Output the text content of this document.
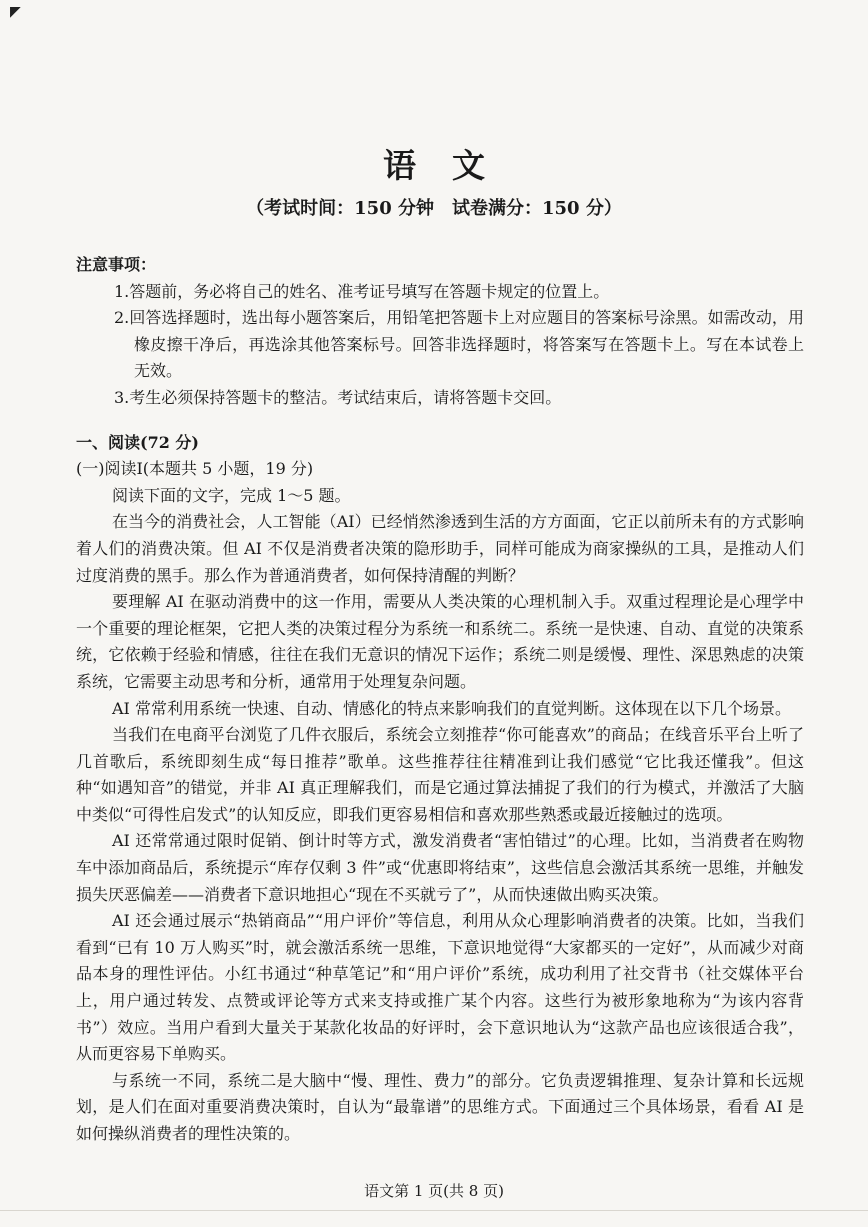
◤
语文
（考试时间：150 分钟　试卷满分：150 分）
注意事项：
1.答题前，务必将自己的姓名、准考证号填写在答题卡规定的位置上。
2.回答选择题时，选出每小题答案后，用铅笔把答题卡上对应题目的答案标号涂黑。如需改动，用橡皮擦干净后，再选涂其他答案标号。回答非选择题时，将答案写在答题卡上。写在本试卷上无效。
3.考生必须保持答题卡的整洁。考试结束后，请将答题卡交回。
一、阅读(72 分)
(一)阅读Ⅰ(本题共 5 小题，19 分)
阅读下面的文字，完成 1～5 题。
在当今的消费社会，人工智能（AI）已经悄然渗透到生活的方方面面，它正以前所未有的方式影响着人们的消费决策。但 AI 不仅是消费者决策的隐形助手，同样可能成为商家操纵的工具，是推动人们过度消费的黑手。那么作为普通消费者，如何保持清醒的判断？
要理解 AI 在驱动消费中的这一作用，需要从人类决策的心理机制入手。双重过程理论是心理学中一个重要的理论框架，它把人类的决策过程分为系统一和系统二。系统一是快速、自动、直觉的决策系统，它依赖于经验和情感，往往在我们无意识的情况下运作；系统二则是缓慢、理性、深思熟虑的决策系统，它需要主动思考和分析，通常用于处理复杂问题。
AI 常常利用系统一快速、自动、情感化的特点来影响我们的直觉判断。这体现在以下几个场景。
当我们在电商平台浏览了几件衣服后，系统会立刻推荐“你可能喜欢”的商品；在线音乐平台上听了几首歌后，系统即刻生成“每日推荐”歌单。这些推荐往往精准到让我们感觉“它比我还懂我”。但这种“如遇知音”的错觉，并非 AI 真正理解我们，而是它通过算法捕捉了我们的行为模式，并激活了大脑中类似“可得性启发式”的认知反应，即我们更容易相信和喜欢那些熟悉或最近接触过的选项。
AI 还常常通过限时促销、倒计时等方式，激发消费者“害怕错过”的心理。比如，当消费者在购物车中添加商品后，系统提示“库存仅剩 3 件”或“优惠即将结束”，这些信息会激活其系统一思维，并触发损失厌恶偏差——消费者下意识地担心“现在不买就亏了”，从而快速做出购买决策。
AI 还会通过展示“热销商品”“用户评价”等信息，利用从众心理影响消费者的决策。比如，当我们看到“已有 10 万人购买”时，就会激活系统一思维，下意识地觉得“大家都买的一定好”，从而减少对商品本身的理性评估。小红书通过“种草笔记”和“用户评价”系统，成功利用了社交背书（社交媒体平台上，用户通过转发、点赞或评论等方式来支持或推广某个内容。这些行为被形象地称为“为该内容背书”）效应。当用户看到大量关于某款化妆品的好评时，会下意识地认为“这款产品也应该很适合我”，从而更容易下单购买。
与系统一不同，系统二是大脑中“慢、理性、费力”的部分。它负责逻辑推理、复杂计算和长远规划，是人们在面对重要消费决策时，自认为“最靠谱”的思维方式。下面通过三个具体场景，看看 AI 是如何操纵消费者的理性决策的。
语文第 1 页(共 8 页)
